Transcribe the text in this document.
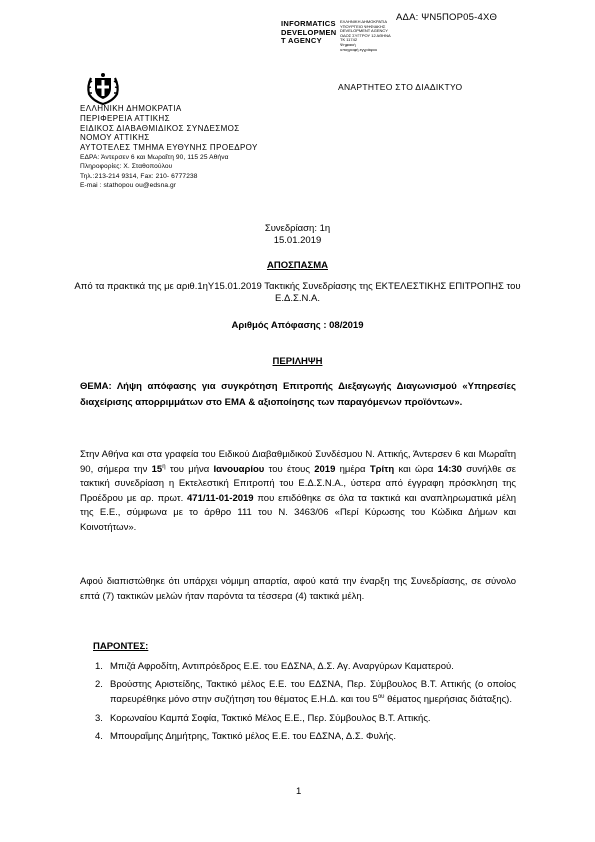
ΑΔΑ: ΨΝ5ΠΟΡ05-4ΧΘ
INFORMATICS
DEVELOPMEN
T AGENCY
ΕΛΛΗΝΙΚΗ ΔΗΜΟΚΡΑΤΙΑ
ΥΠΟΥΡΓΕΙΟ ΨΗΦΙΑΚΗΣ
DEVELOPMENT AGENCY
ΟΔΟΣ ΣΥΓΓΡΟΥ 12 ΑΘΗΝΑ
ΤΚ 11742
Ψηφιακή
υπογραφή εγγράφου
ΑΝΑΡΤΗΤΕΟ ΣΤΟ ΔΙΑΔΙΚΤΥΟ
ΕΛΛΗΝΙΚΗ ΔΗΜΟΚΡΑΤΙΑ
ΠΕΡΙΦΕΡΕΙΑ ΑΤΤΙΚΗΣ
ΕΙΔΙΚΟΣ ΔΙΑΒΑΘΜΙΔΙΚΟΣ ΣΥΝΔΕΣΜΟΣ
ΝΟΜΟΥ ΑΤΤΙΚΗΣ
ΑΥΤΟΤΕΛΕΣ ΤΜΗΜΑ ΕΥΘΥΝΗΣ ΠΡΟΕΔΡΟΥ
ΕΔΡΑ: Άντερσεν 6 και Μωραΐτη 90, 115 25 Αθήνα
Πληροφορίες: Χ. Σταθοπούλου
Τηλ.:213-214 9314, Fax: 210- 6777238
E-mai : stathopou ou@edsna.gr
Συνεδρίαση: 1η
15.01.2019
ΑΠΟΣΠΑΣΜΑ
Από τα πρακτικά της με αριθ.1ηΥ15.01.2019 Τακτικής Συνεδρίασης της ΕΚΤΕΛΕΣΤΙΚΗΣ ΕΠΙΤΡΟΠΗΣ του Ε.Δ.Σ.Ν.Α.
Αριθμός Απόφασης : 08/2019
ΠΕΡΙΛΗΨΗ
ΘΕΜΑ: Λήψη απόφασης για συγκρότηση Επιτροπής Διεξαγωγής Διαγωνισμού «Υπηρεσίες διαχείρισης απορριμμάτων στο ΕΜΑ & αξιοποίησης των παραγόμενων προϊόντων».
Στην Αθήνα και στα γραφεία του Ειδικού Διαβαθμιδικού Συνδέσμου Ν. Αττικής, Άντερσεν 6 και Μωραΐτη 90, σήμερα την $15^\eta$ του μήνα Ιανουαρίου του έτους 2019 ημέρα Τρίτη και ώρα 14:30 συνήλθε σε τακτική συνεδρίαση η Εκτελεστική Επιτροπή του Ε.Δ.Σ.Ν.Α., ύστερα από έγγραφη πρόσκληση της Προέδρου με αρ. πρωτ. 471/11-01-2019 που επιδόθηκε σε όλα τα τακτικά και αναπληρωματικά μέλη της Ε.Ε., σύμφωνα με το άρθρο 111 του Ν. 3463/06 «Περί Κύρωσης του Κώδικα Δήμων και Κοινοτήτων».
Αφού διαπιστώθηκε ότι υπάρχει νόμιμη απαρτία, αφού κατά την έναρξη της Συνεδρίασης, σε σύνολο επτά (7) τακτικών μελών ήταν παρόντα τα τέσσερα (4) τακτικά μέλη.
ΠΑΡΟΝΤΕΣ:
1. Μπιζά Αφροδίτη, Αντιπρόεδρος Ε.Ε. του ΕΔΣΝΑ, Δ.Σ. Αγ. Αναργύρων Καματερού.
2. Βρούστης Αριστείδης, Τακτικό μέλος Ε.Ε. του ΕΔΣΝΑ, Περ. Σύμβουλος Β.Τ. Αττικής (ο οποίος παρευρέθηκε μόνο στην συζήτηση του θέματος Ε.Η.Δ. και του $5^{o\upsilon}$ θέματος ημερήσιας διάταξης).
3. Κορωναίου Καμπά Σοφία, Τακτικό Μέλος Ε.Ε., Περ. Σύμβουλος Β.Τ. Αττικής.
4. Μπουραΐμης Δημήτρης, Τακτικό μέλος Ε.Ε. του ΕΔΣΝΑ, Δ.Σ. Φυλής.
1
